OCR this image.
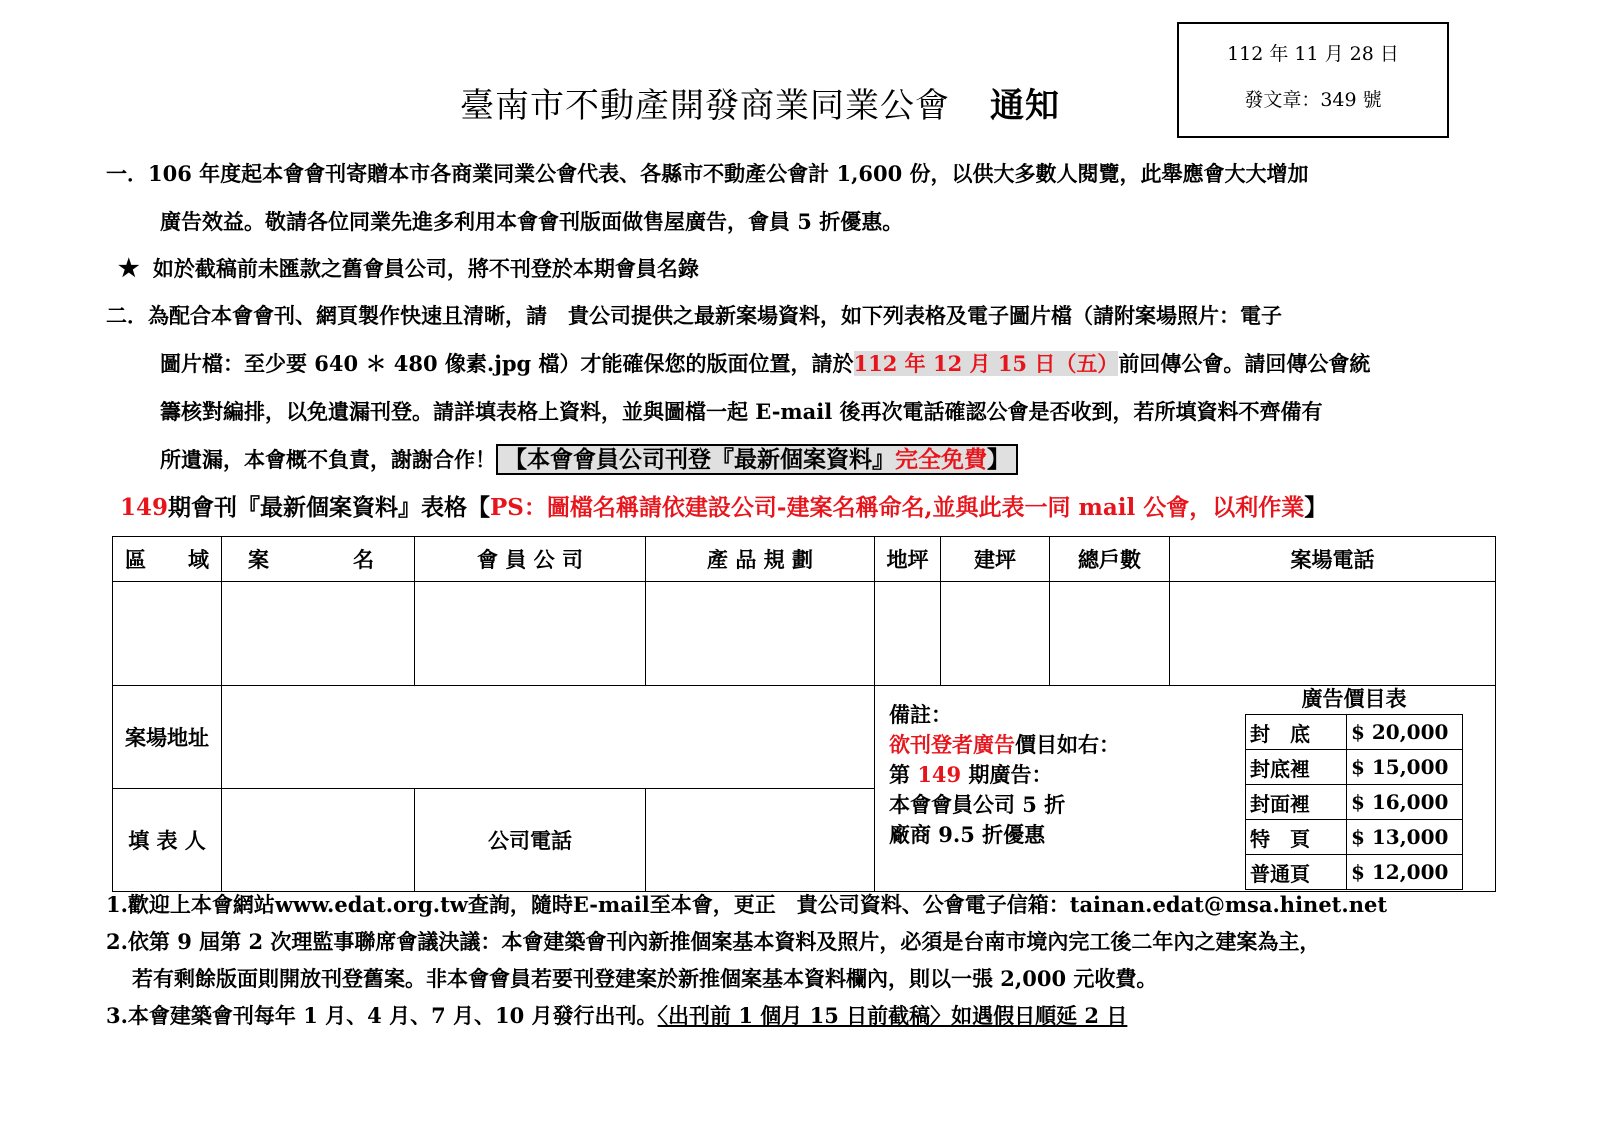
112 年 11 月 28 日
發文章：349 號
臺南市不動產開發商業同業公會 通知
一．106 年度起本會會刊寄贈本市各商業同業公會代表、各縣市不動產公會計 1,600 份，以供大多數人閱覽，此舉應會大大增加
廣告效益。敬請各位同業先進多利用本會會刊版面做售屋廣告，會員 5 折優惠。
★ 如於截稿前未匯款之舊會員公司，將不刊登於本期會員名錄
二．為配合本會會刊、網頁製作快速且清晰，請　貴公司提供之最新案場資料，如下列表格及電子圖片檔（請附案場照片：電子
圖片檔：至少要 640 ＊ 480 像素.jpg 檔）才能確保您的版面位置，請於112 年 12 月 15 日（五）前回傳公會。請回傳公會統
籌核對編排，以免遺漏刊登。請詳填表格上資料，並與圖檔一起 E-mail 後再次電話確認公會是否收到，若所填資料不齊備有
所遺漏，本會概不負責，謝謝合作！ 【本會會員公司刊登『最新個案資料』完全免費】
149期會刊『最新個案資料』表格【PS：圖檔名稱請依建設公司-建案名稱命名,並與此表一同 mail 公會，以利作業】
區　　域	案　　　　名	會 員 公 司	產 品 規 劃	地坪	建坪	總戶數	案場電話

案場地址		
備註：
欲刊登者廣告價目如右：
第 149 期廣告：
本會會員公司 5 折
廠商 9.5 折優惠
廣告價目表
封　底	$ 20,000
封底裡	$ 15,000
封面裡	$ 16,000
特　頁	$ 13,000
普通頁	$ 12,000

填 表 人		公司電話	
1.歡迎上本會網站www.edat.org.tw查詢，隨時E-mail至本會，更正　貴公司資料、公會電子信箱：tainan.edat@msa.hinet.net
2.依第 9 屆第 2 次理監事聯席會議決議：本會建築會刊內新推個案基本資料及照片，必須是台南市境內完工後二年內之建案為主，
若有剩餘版面則開放刊登舊案。非本會會員若要刊登建案於新推個案基本資料欄內，則以一張 2,000 元收費。
3.本會建築會刊每年 1 月、4 月、7 月、10 月發行出刊。〈出刊前 1 個月 15 日前截稿〉如遇假日順延 2 日
